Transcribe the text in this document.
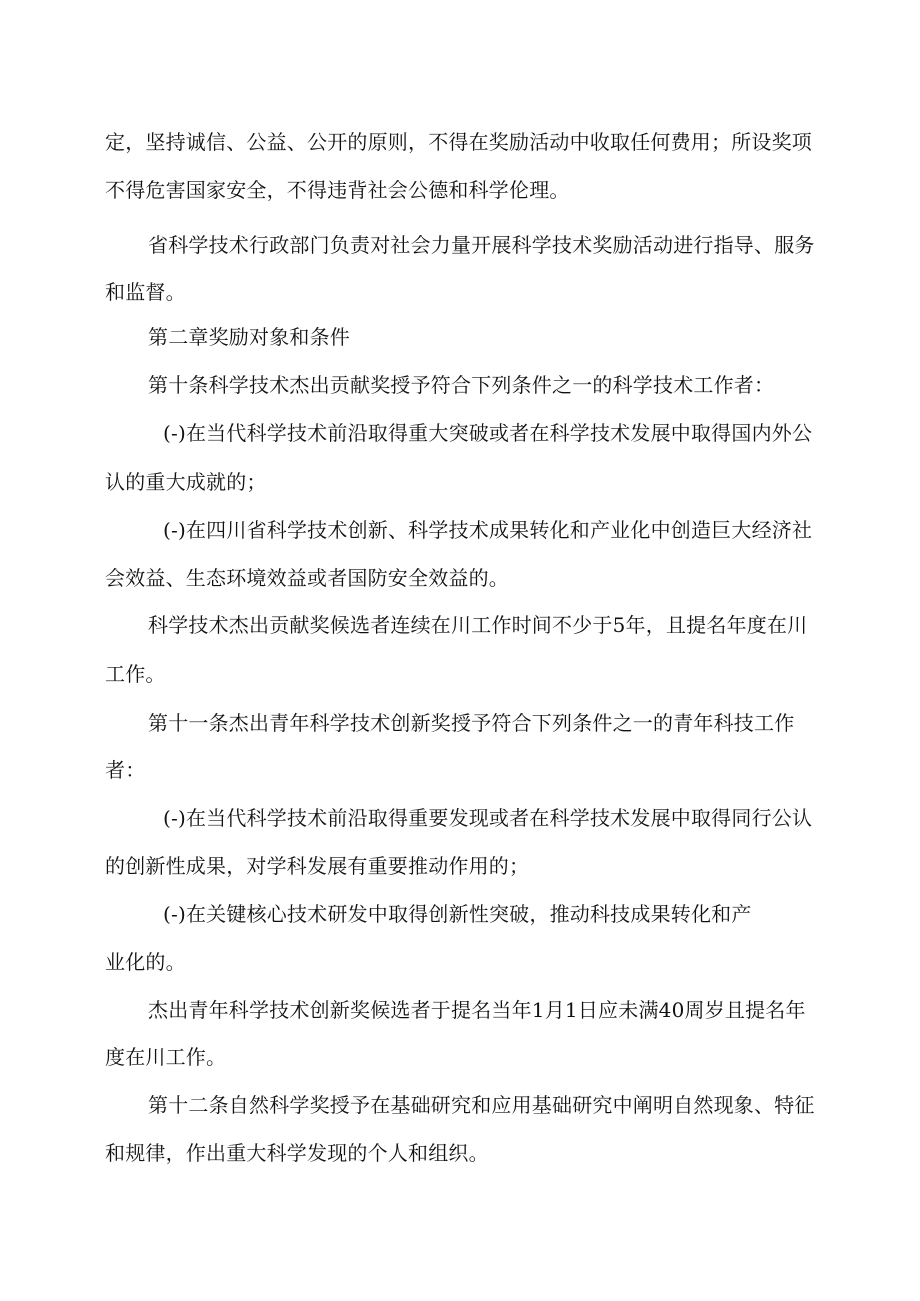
定，坚持诚信、公益、公开的原则，不得在奖励活动中收取任何费用；所设奖项
不得危害国家安全，不得违背社会公德和科学伦理。
省科学技术行政部门负责对社会力量开展科学技术奖励活动进行指导、服务
和监督。
第二章奖励对象和条件
第十条科学技术杰出贡献奖授予符合下列条件之一的科学技术工作者：
(-)在当代科学技术前沿取得重大突破或者在科学技术发展中取得国内外公
认的重大成就的；
(-)在四川省科学技术创新、科学技术成果转化和产业化中创造巨大经济社
会效益、生态环境效益或者国防安全效益的。
科学技术杰出贡献奖候选者连续在川工作时间不少于5年，且提名年度在川
工作。
第十一条杰出青年科学技术创新奖授予符合下列条件之一的青年科技工作
者：
(-)在当代科学技术前沿取得重要发现或者在科学技术发展中取得同行公认
的创新性成果，对学科发展有重要推动作用的；
(-)在关键核心技术研发中取得创新性突破，推动科技成果转化和产
业化的。
杰出青年科学技术创新奖候选者于提名当年1月1日应未满40周岁且提名年
度在川工作。
第十二条自然科学奖授予在基础研究和应用基础研究中阐明自然现象、特征
和规律，作出重大科学发现的个人和组织。
